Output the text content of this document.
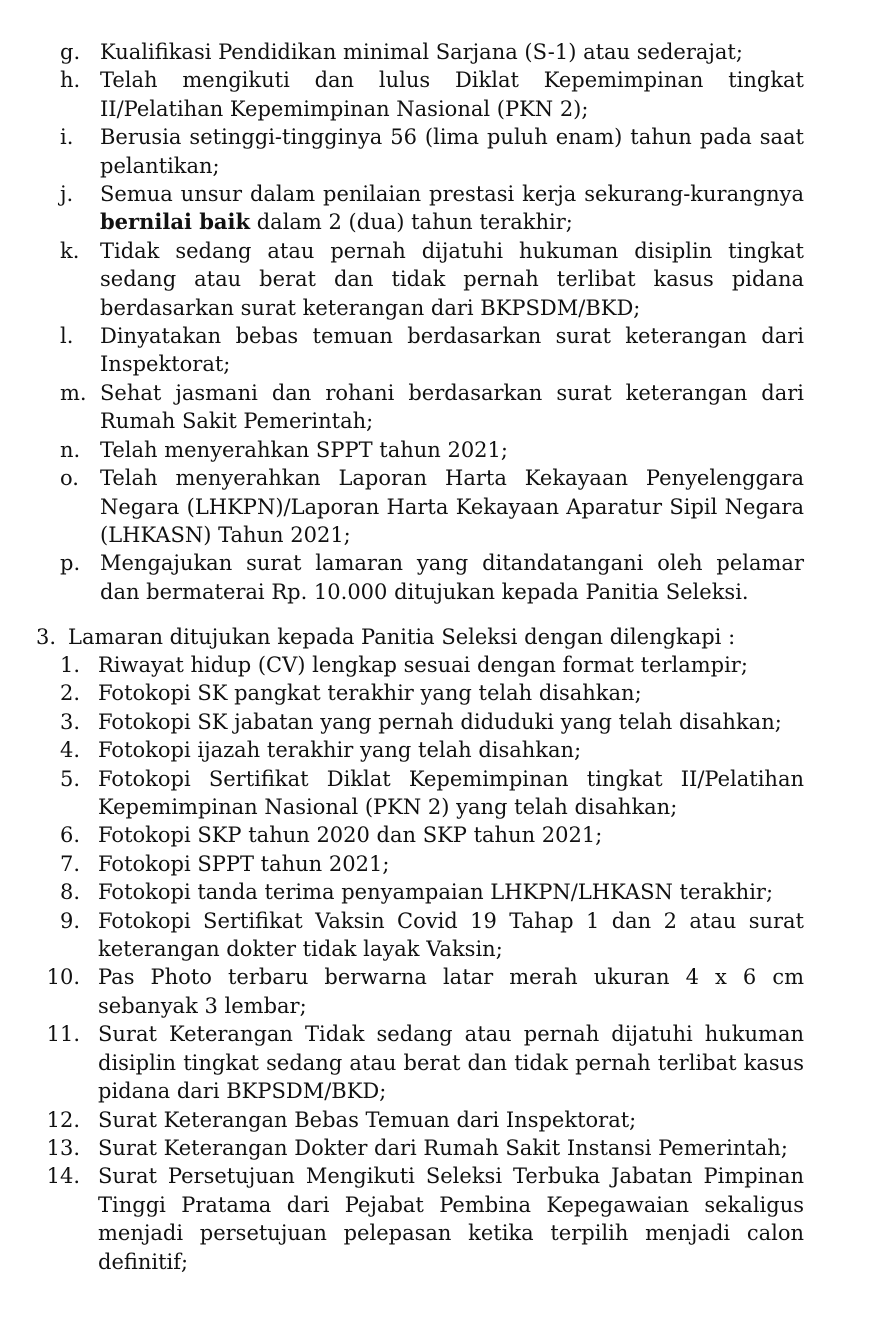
g. Kualifikasi Pendidikan minimal Sarjana (S-1) atau sederajat;
h. Telah mengikuti dan lulus Diklat Kepemimpinan tingkat II/Pelatihan Kepemimpinan Nasional (PKN 2);
i.	Berusia setinggi-tingginya 56 (lima puluh enam) tahun pada saat pelantikan;
j.	Semua unsur dalam penilaian prestasi kerja sekurang-kurangnya bernilai baik dalam 2 (dua) tahun terakhir;
k. Tidak sedang atau pernah dijatuhi hukuman disiplin tingkat sedang atau berat dan tidak pernah terlibat kasus pidana berdasarkan surat keterangan dari BKPSDM/BKD;
l.	Dinyatakan bebas temuan berdasarkan surat keterangan dari Inspektorat;
m. Sehat jasmani dan rohani berdasarkan surat keterangan dari Rumah Sakit Pemerintah;
n. Telah menyerahkan SPPT tahun 2021;
o.	Telah menyerahkan Laporan Harta Kekayaan Penyelenggara Negara (LHKPN)/Laporan Harta Kekayaan Aparatur Sipil Negara (LHKASN) Tahun 2021;
p. Mengajukan surat lamaran yang ditandatangani oleh pelamar dan bermaterai Rp. 10.000 ditujukan kepada Panitia Seleksi.
3. Lamaran ditujukan kepada Panitia Seleksi dengan dilengkapi :
1. Riwayat hidup (CV) lengkap sesuai dengan format terlampir;
2. Fotokopi SK pangkat terakhir yang telah disahkan;
3. Fotokopi SK jabatan yang pernah diduduki yang telah disahkan;
4. Fotokopi ijazah terakhir yang telah disahkan;
5. Fotokopi Sertifikat Diklat Kepemimpinan tingkat II/Pelatihan Kepemimpinan Nasional (PKN 2) yang telah disahkan;
6. Fotokopi SKP tahun 2020 dan SKP tahun 2021;
7. Fotokopi SPPT tahun 2021;
8. Fotokopi tanda terima penyampaian LHKPN/LHKASN terakhir;
9. Fotokopi Sertifikat Vaksin Covid 19 Tahap 1 dan 2 atau surat keterangan dokter tidak layak Vaksin;
10. Pas Photo terbaru berwarna latar merah ukuran 4 x 6 cm sebanyak 3 lembar;
11. Surat Keterangan Tidak sedang atau pernah dijatuhi hukuman disiplin tingkat sedang atau berat dan tidak pernah terlibat kasus pidana dari BKPSDM/BKD;
12. Surat Keterangan Bebas Temuan dari Inspektorat;
13. Surat Keterangan Dokter dari Rumah Sakit Instansi Pemerintah;
14. Surat Persetujuan Mengikuti Seleksi Terbuka Jabatan Pimpinan Tinggi Pratama dari Pejabat Pembina Kepegawaian sekaligus menjadi persetujuan pelepasan ketika terpilih menjadi calon definitif;
